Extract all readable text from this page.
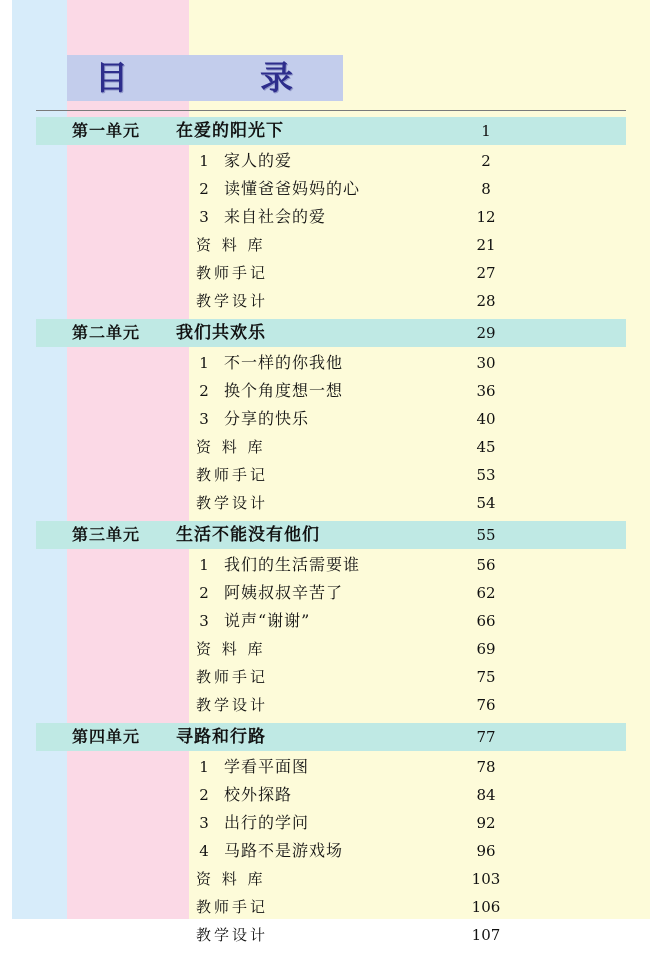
目　　录
第一单元 在爱的阳光下	1
1 家人的爱	2
2 读懂爸爸妈妈的心	8
3 来自社会的爱	12
资 料 库	21
教师手记	27
教学设计	28
第二单元 我们共欢乐	29
1 不一样的你我他	30
2 换个角度想一想	36
3 分享的快乐	40
资 料 库	45
教师手记	53
教学设计	54
第三单元 生活不能没有他们	55
1 我们的生活需要谁	56
2 阿姨叔叔辛苦了	62
3 说声“谢谢”	66
资 料 库	69
教师手记	75
教学设计	76
第四单元 寻路和行路	77
1 学看平面图	78
2 校外探路	84
3 出行的学问	92
4 马路不是游戏场	96
资 料 库	103
教师手记	106
教学设计	107
